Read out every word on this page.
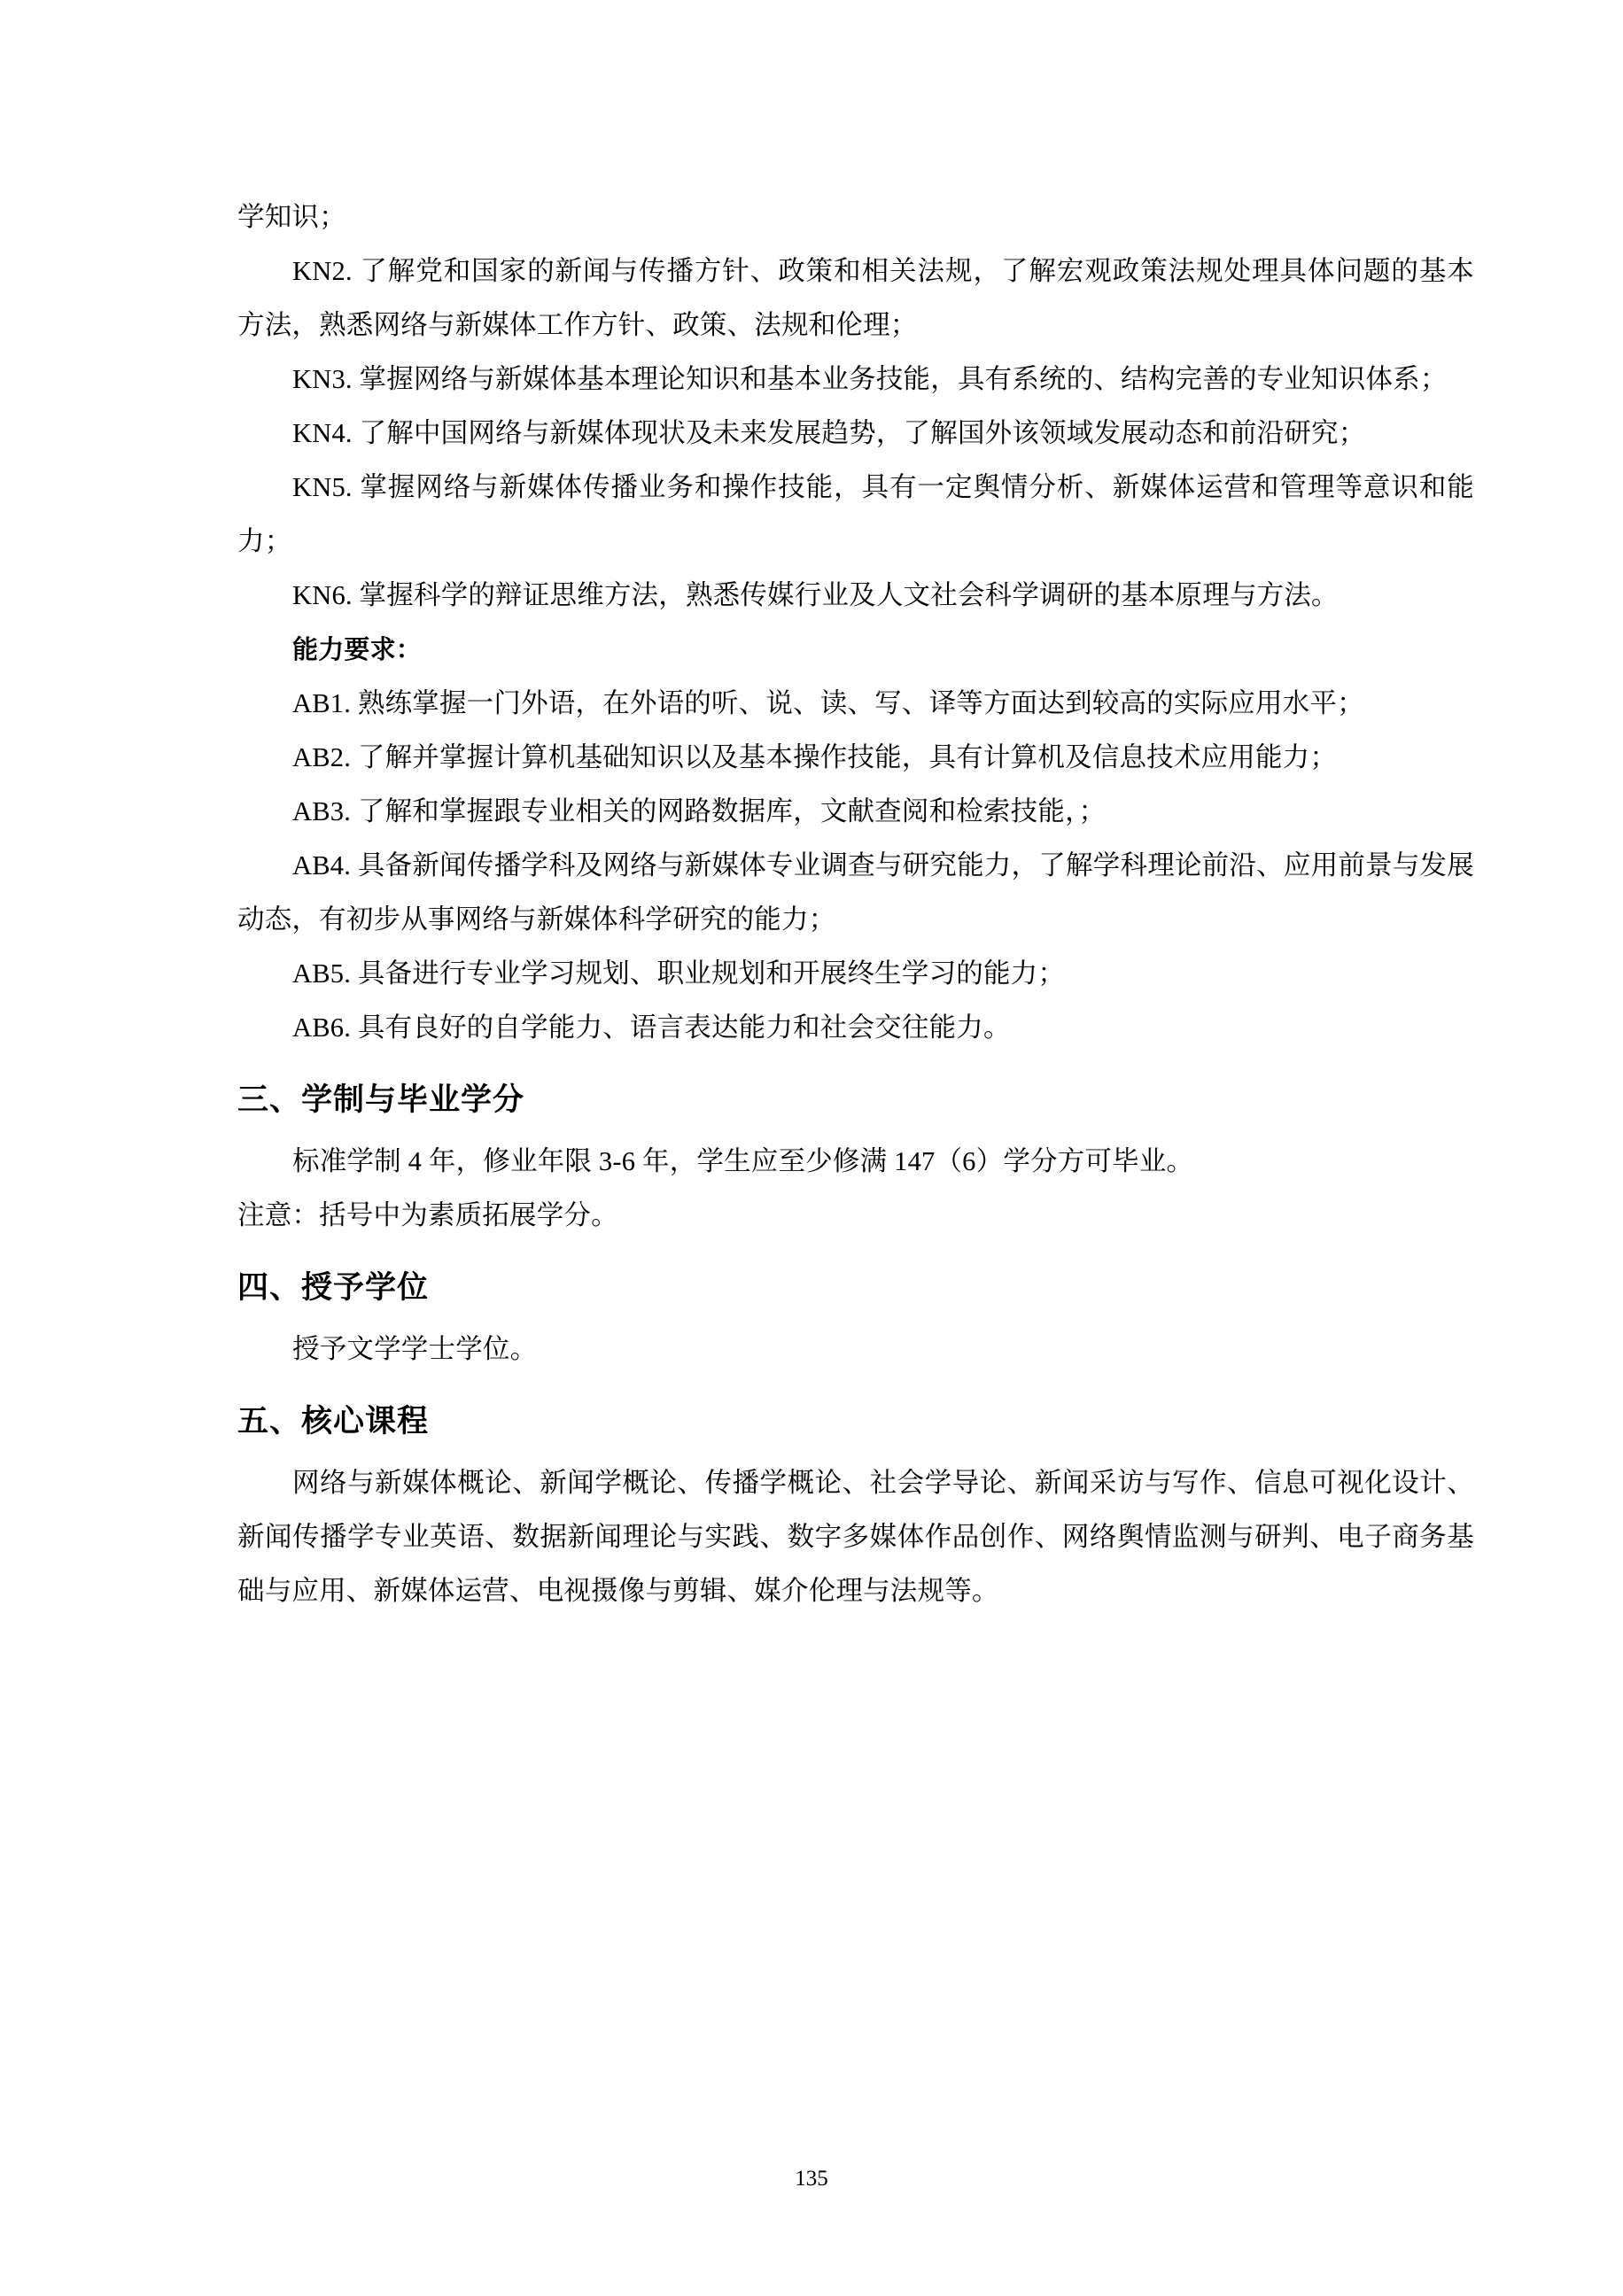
学知识；

KN2. 了解党和国家的新闻与传播方针、政策和相关法规，了解宏观政策法规处理具体问题的基本方法，熟悉网络与新媒体工作方针、政策、法规和伦理；

KN3. 掌握网络与新媒体基本理论知识和基本业务技能，具有系统的、结构完善的专业知识体系；

KN4. 了解中国网络与新媒体现状及未来发展趋势，了解国外该领域发展动态和前沿研究；

KN5. 掌握网络与新媒体传播业务和操作技能，具有一定舆情分析、新媒体运营和管理等意识和能力；

KN6. 掌握科学的辩证思维方法，熟悉传媒行业及人文社会科学调研的基本原理与方法。

能力要求：

AB1. 熟练掌握一门外语，在外语的听、说、读、写、译等方面达到较高的实际应用水平；

AB2. 了解并掌握计算机基础知识以及基本操作技能，具有计算机及信息技术应用能力；

AB3. 了解和掌握跟专业相关的网路数据库，文献查阅和检索技能，；

AB4. 具备新闻传播学科及网络与新媒体专业调查与研究能力，了解学科理论前沿、应用前景与发展动态，有初步从事网络与新媒体科学研究的能力；

AB5. 具备进行专业学习规划、职业规划和开展终生学习的能力；

AB6. 具有良好的自学能力、语言表达能力和社会交往能力。

三、学制与毕业学分

标准学制 4 年，修业年限 3-6 年，学生应至少修满 147（6）学分方可毕业。

注意：括号中为素质拓展学分。

四、授予学位

授予文学学士学位。

五、核心课程

网络与新媒体概论、新闻学概论、传播学概论、社会学导论、新闻采访与写作、信息可视化设计、新闻传播学专业英语、数据新闻理论与实践、数字多媒体作品创作、网络舆情监测与研判、电子商务基础与应用、新媒体运营、电视摄像与剪辑、媒介伦理与法规等。

135
